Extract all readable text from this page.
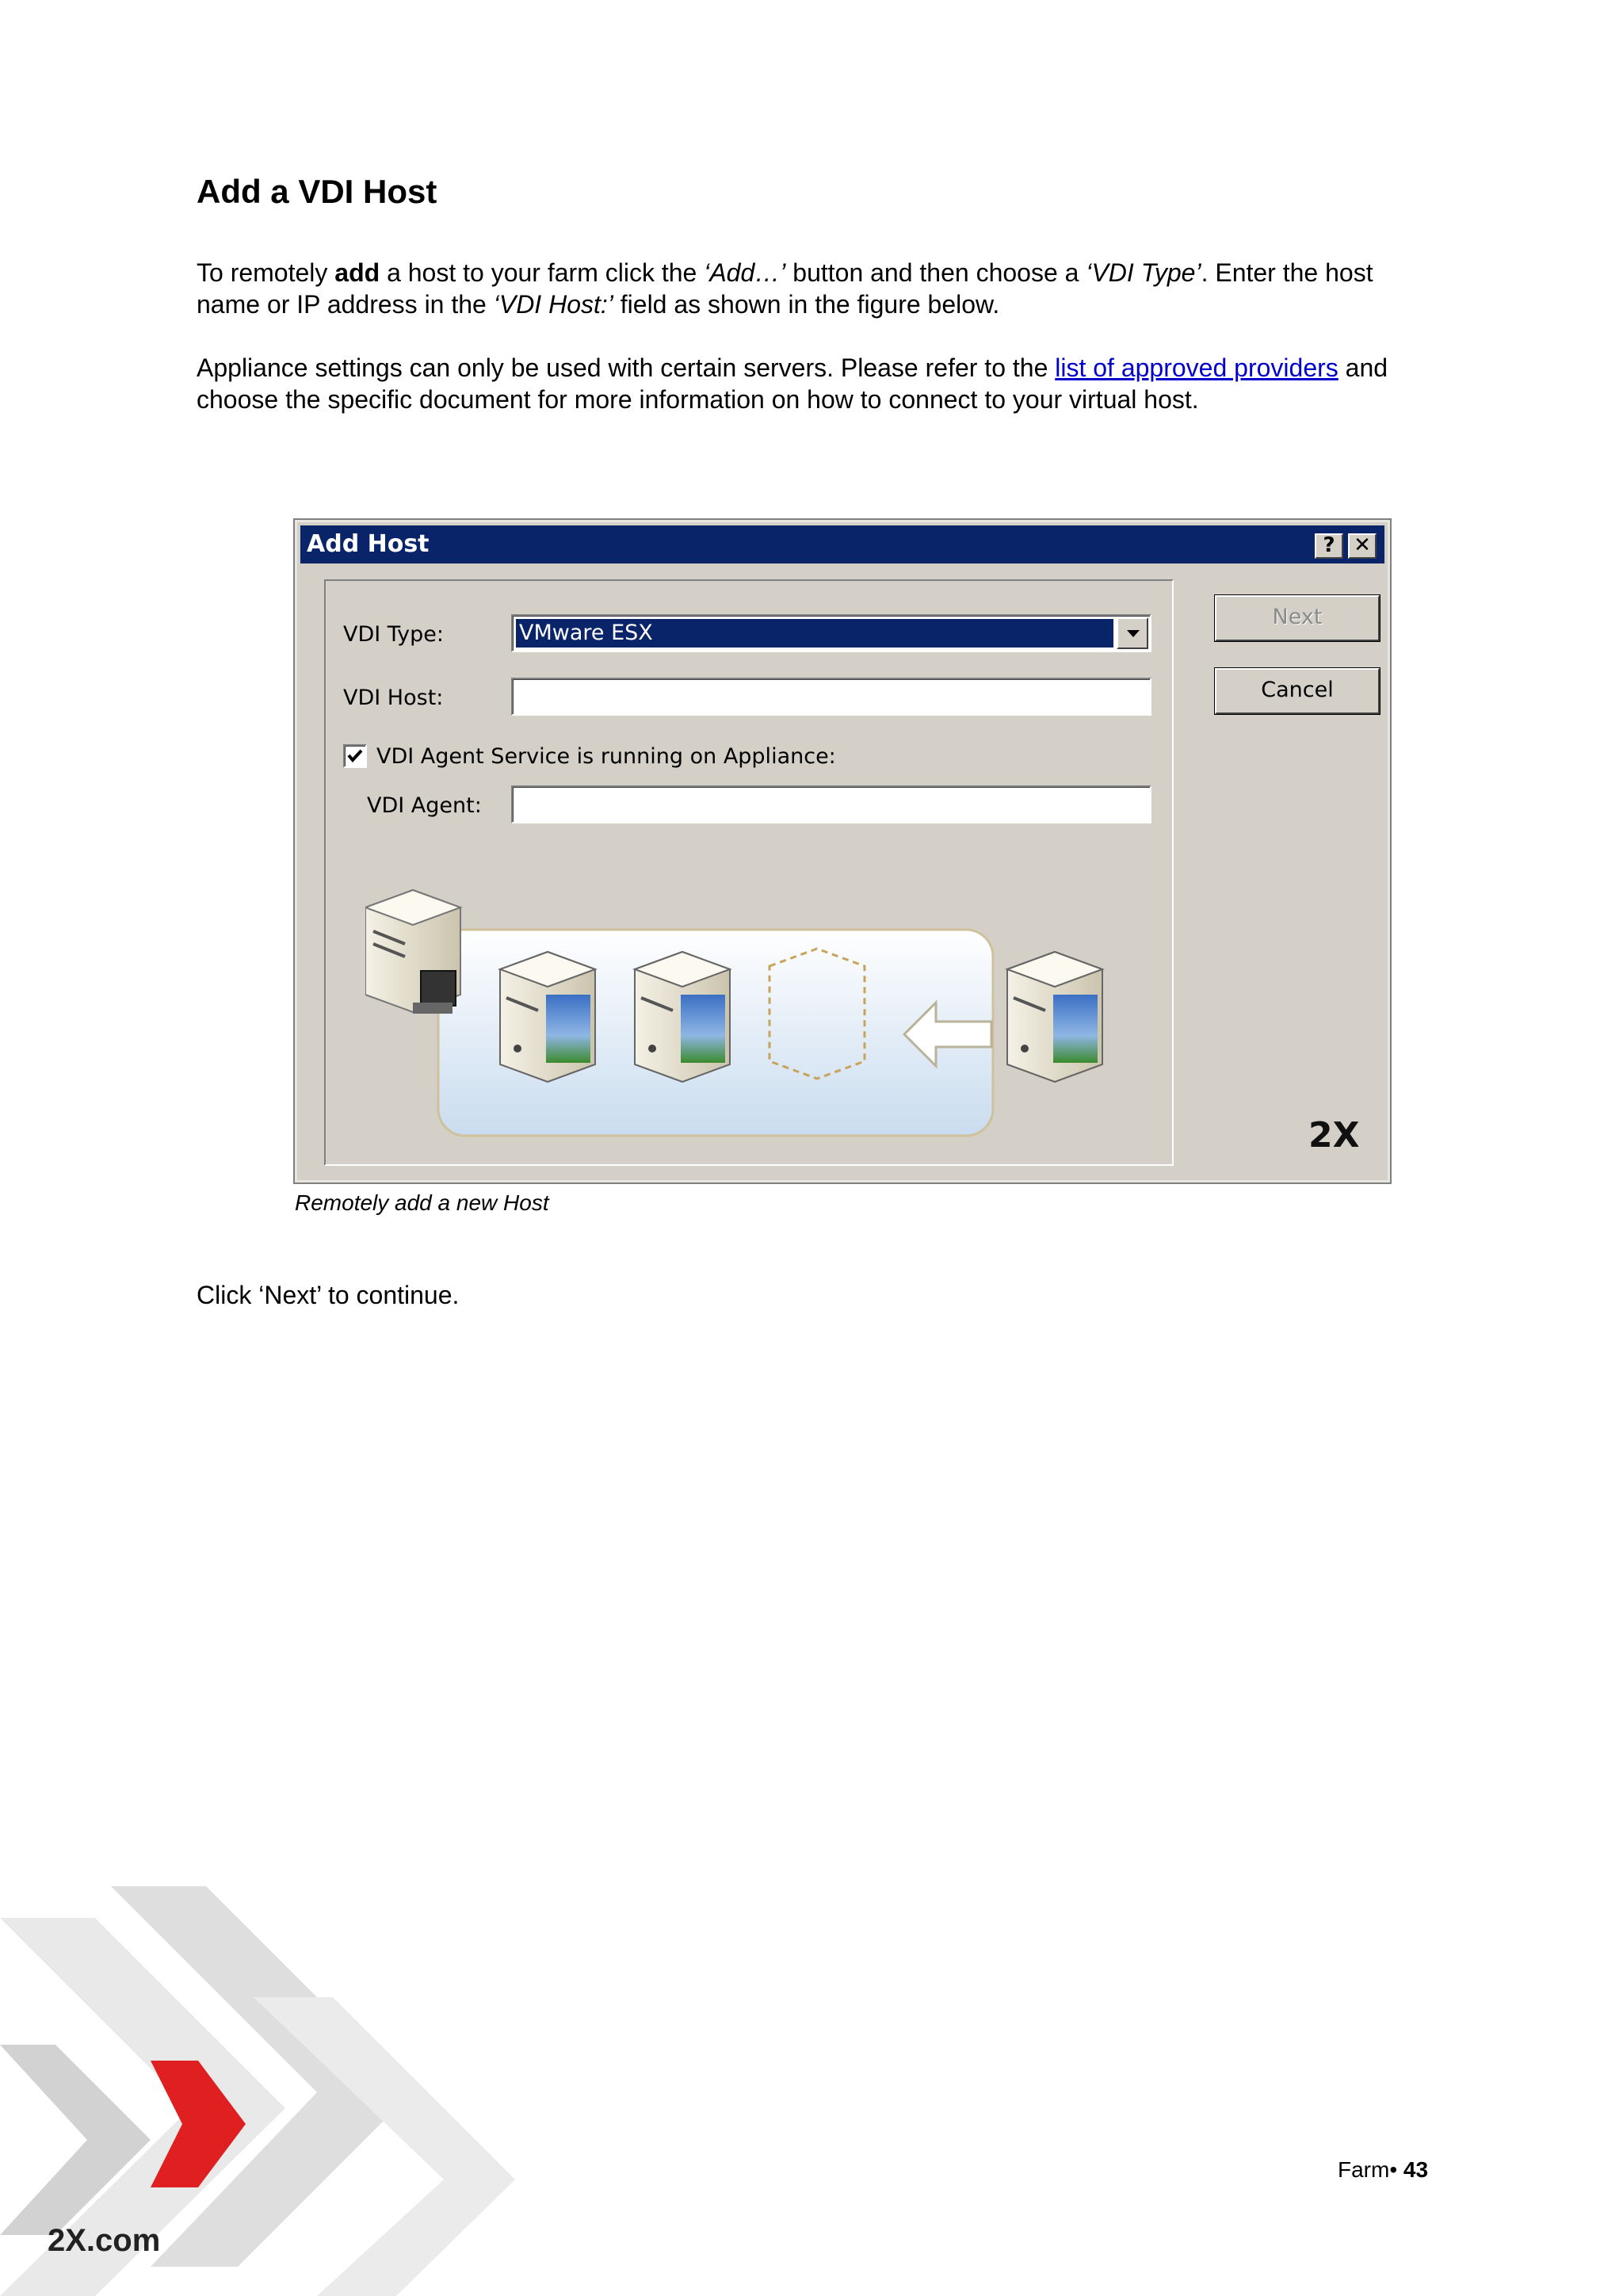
Add a VDI Host

To remotely add a host to your farm click the ‘Add…’ button and then choose a ‘VDI Type’. Enter the host name or IP address in the ‘VDI Host:’ field as shown in the figure below.

Appliance settings can only be used with certain servers. Please refer to the list of approved providers and choose the specific document for more information on how to connect to your virtual host.

Add Host	? ✕
VDI Type:	VMware ESX
VDI Host:
VDI Agent Service is running on Appliance:
VDI Agent:
Next
Cancel
2X
Remotely add a new Host

Click ‘Next’ to continue.

2X.com
Farm• 43
